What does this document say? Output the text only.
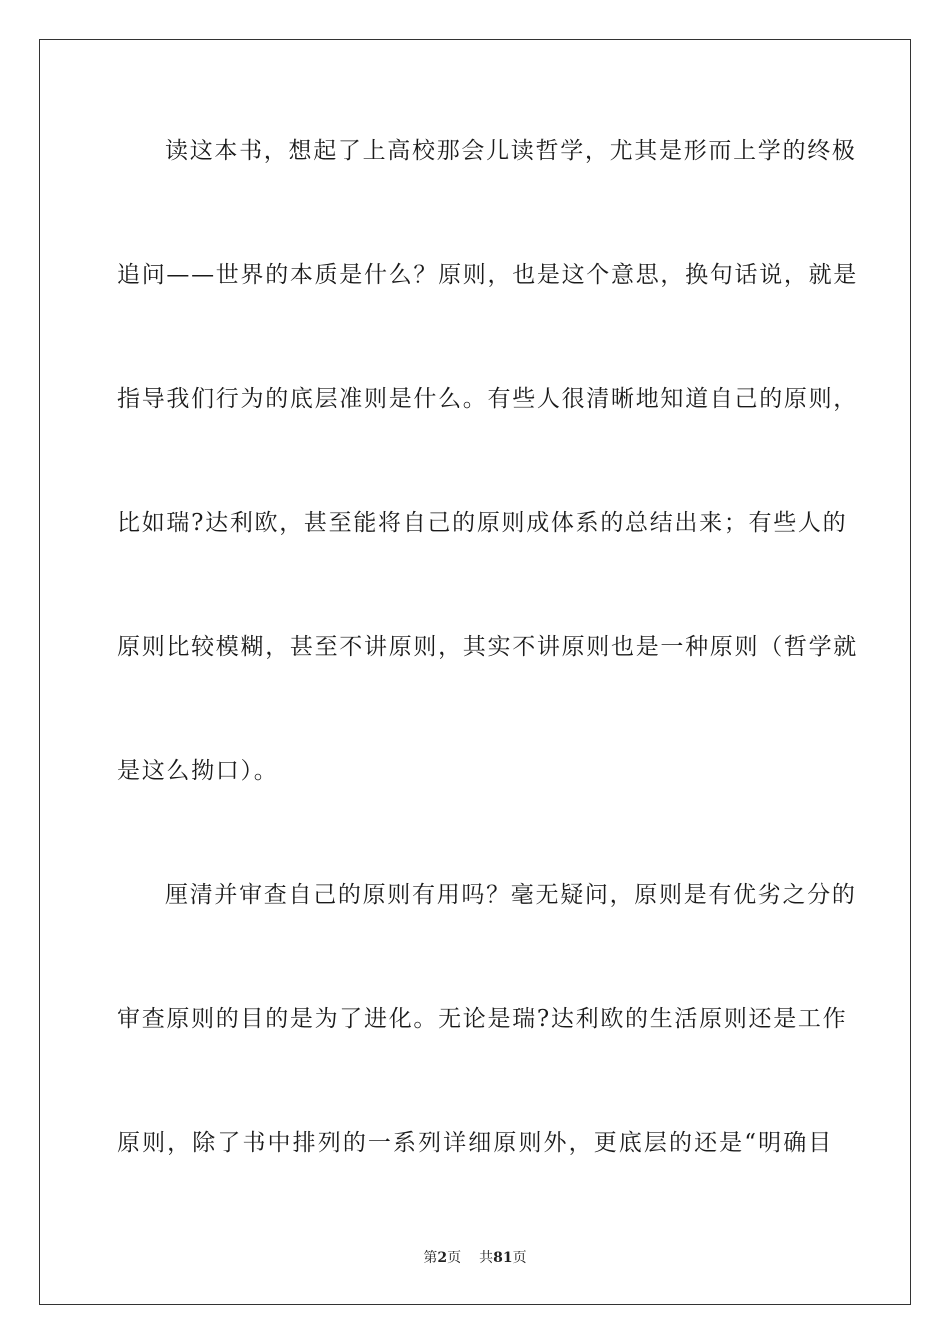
读这本书，想起了上高校那会儿读哲学，尤其是形而上学的终极
追问——世界的本质是什么？原则，也是这个意思，换句话说，就是
指导我们行为的底层准则是什么。有些人很清晰地知道自己的原则，
比如瑞?达利欧，甚至能将自己的原则成体系的总结出来；有些人的
原则比较模糊，甚至不讲原则，其实不讲原则也是一种原则（哲学就
是这么拗口）。
厘清并审查自己的原则有用吗？毫无疑问，原则是有优劣之分的
审查原则的目的是为了进化。无论是瑞?达利欧的生活原则还是工作
原则，除了书中排列的一系列详细原则外，更底层的还是“明确目
第2页 共81页
